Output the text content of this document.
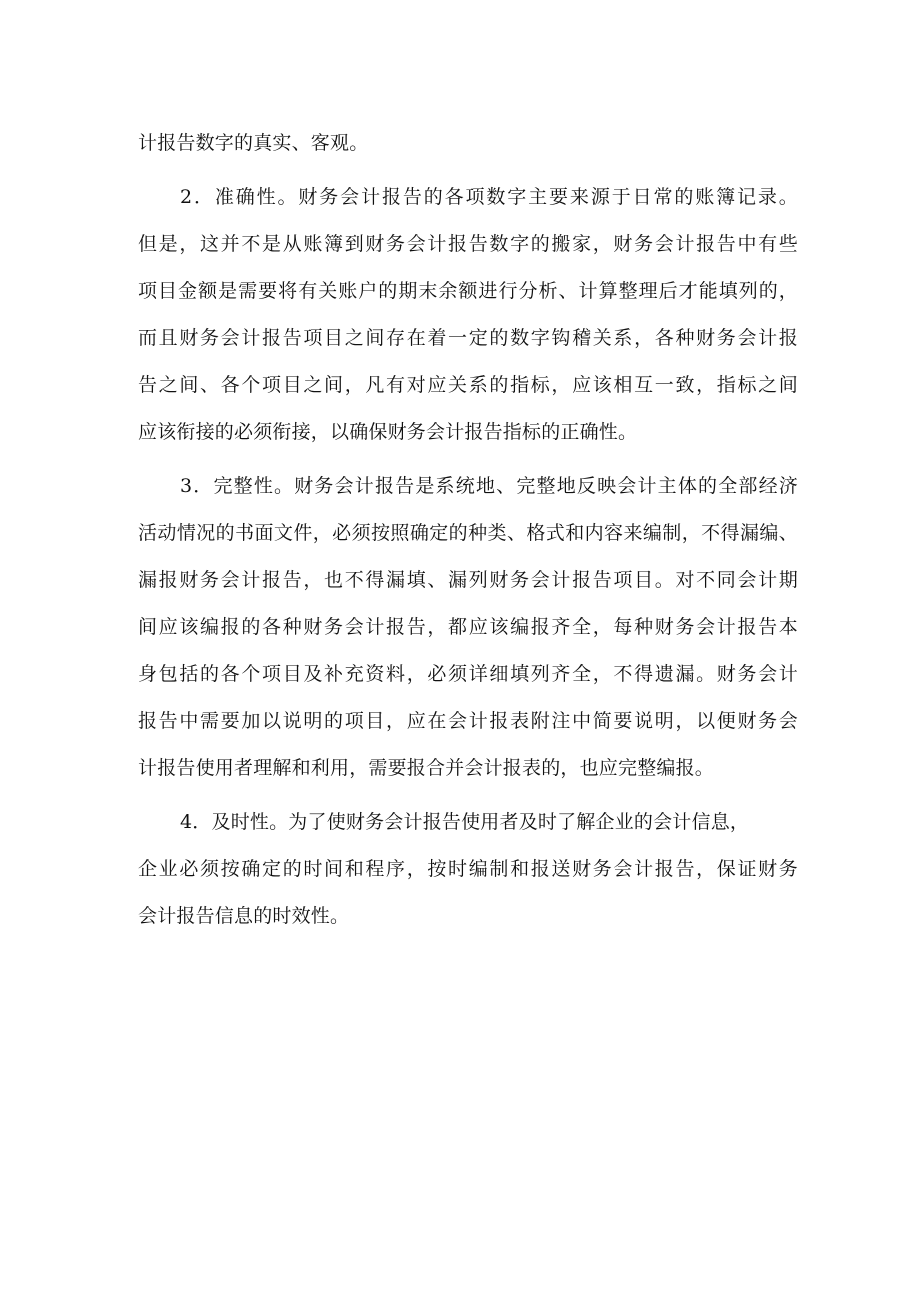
计报告数字的真实、客观。
2．准确性。财务会计报告的各项数字主要来源于日常的账簿记录。
但是，这并不是从账簿到财务会计报告数字的搬家，财务会计报告中有些
项目金额是需要将有关账户的期末余额进行分析、计算整理后才能填列的，
而且财务会计报告项目之间存在着一定的数字钩稽关系，各种财务会计报
告之间、各个项目之间，凡有对应关系的指标，应该相互一致，指标之间
应该衔接的必须衔接，以确保财务会计报告指标的正确性。
3．完整性。财务会计报告是系统地、完整地反映会计主体的全部经济
活动情况的书面文件，必须按照确定的种类、格式和内容来编制，不得漏编、
漏报财务会计报告，也不得漏填、漏列财务会计报告项目。对不同会计期
间应该编报的各种财务会计报告，都应该编报齐全，每种财务会计报告本
身包括的各个项目及补充资料，必须详细填列齐全，不得遗漏。财务会计
报告中需要加以说明的项目，应在会计报表附注中简要说明，以便财务会
计报告使用者理解和利用，需要报合并会计报表的，也应完整编报。
4．及时性。为了使财务会计报告使用者及时了解企业的会计信息，
企业必须按确定的时间和程序，按时编制和报送财务会计报告，保证财务
会计报告信息的时效性。
